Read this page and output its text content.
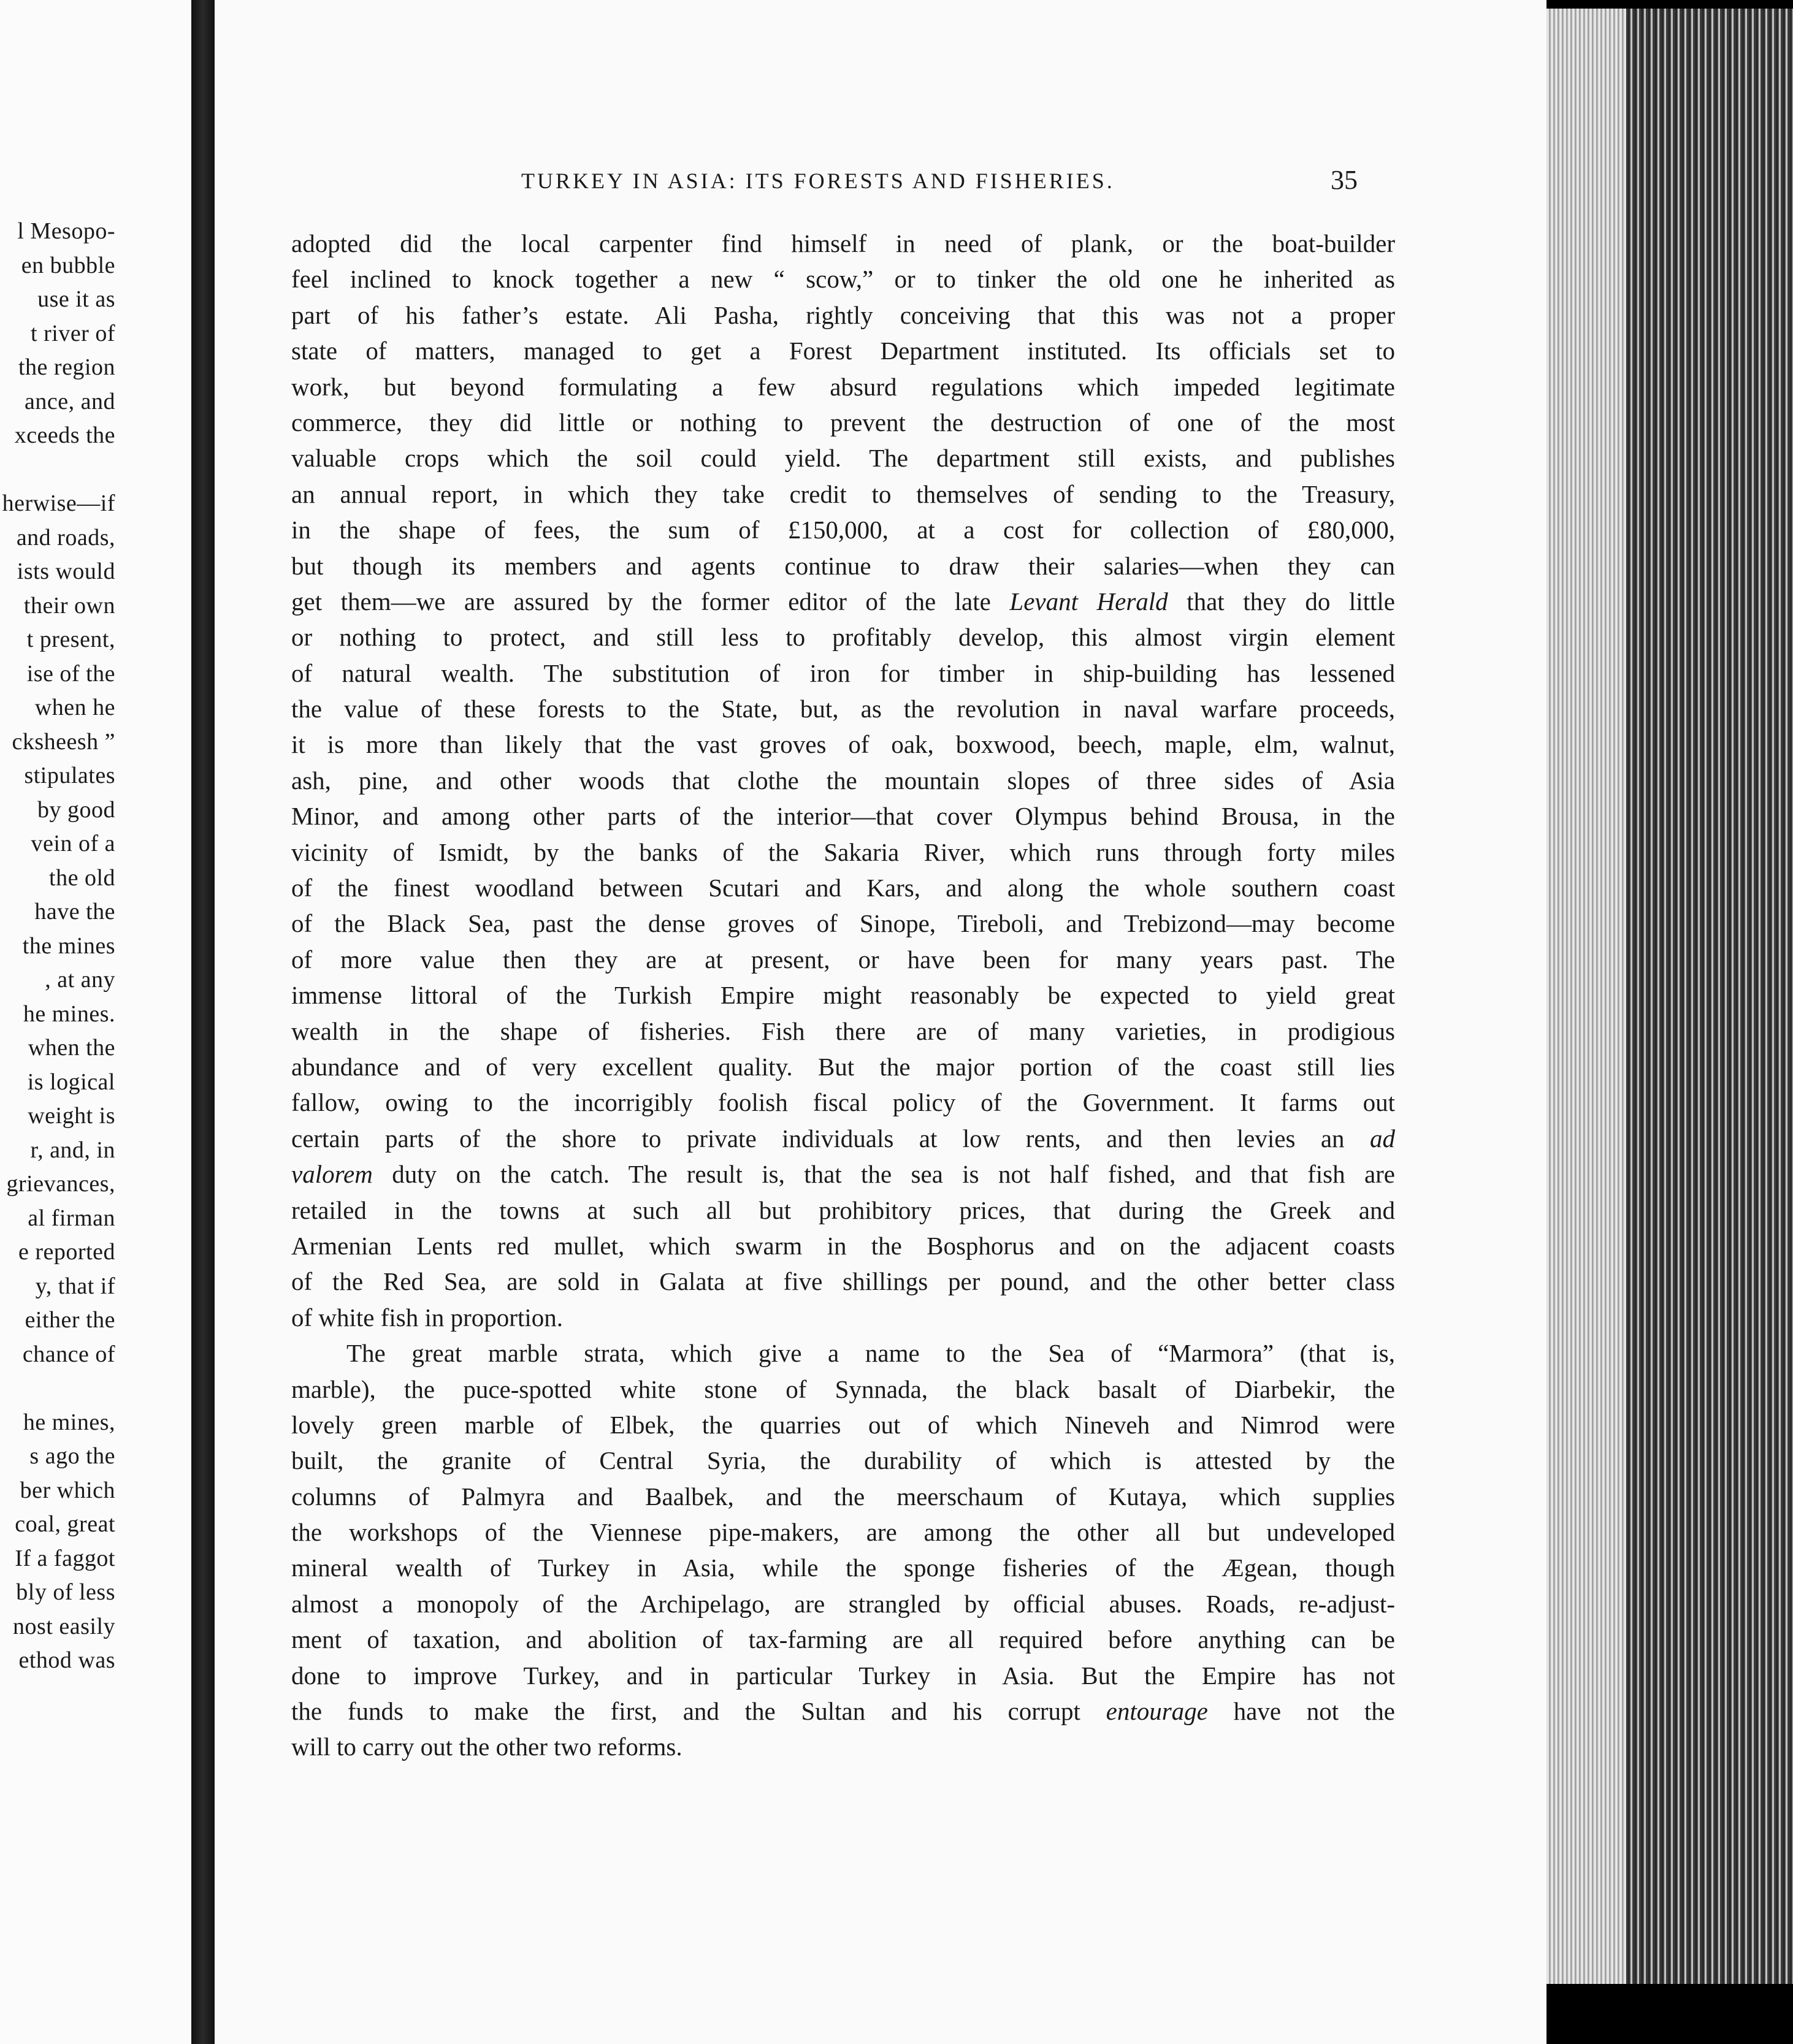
l Mesopo-
en bubble
use it as
t river of
the region
ance, and
xceeds the
herwise—if
and roads,
ists would
their own
t present,
ise of the
when he
cksheesh ”
stipulates
by good
vein of a
the old
have the
the mines
, at any
he mines.
when the
is logical
weight is
r, and, in
grievances,
al firman
e reported
y, that if
either the
chance of
he mines,
s ago the
ber which
coal, great
If a faggot
bly of less
nost easily
ethod was
TURKEY IN ASIA: ITS FORESTS AND FISHERIES.	35
adopted did the local carpenter find himself in need of plank, or the boat-builder
feel inclined to knock together a new “ scow,” or to tinker the old one he inherited as
part of his father’s estate. Ali Pasha, rightly conceiving that this was not a proper
state of matters, managed to get a Forest Department instituted. Its officials set to
work, but beyond formulating a few absurd regulations which impeded legitimate
commerce, they did little or nothing to prevent the destruction of one of the most
valuable crops which the soil could yield. The department still exists, and publishes
an annual report, in which they take credit to themselves of sending to the Treasury,
in the shape of fees, the sum of £150,000, at a cost for collection of £80,000,
but though its members and agents continue to draw their salaries—when they can
get them—we are assured by the former editor of the late Levant Herald that they do little
or nothing to protect, and still less to profitably develop, this almost virgin element
of natural wealth. The substitution of iron for timber in ship-building has lessened
the value of these forests to the State, but, as the revolution in naval warfare proceeds,
it is more than likely that the vast groves of oak, boxwood, beech, maple, elm, walnut,
ash, pine, and other woods that clothe the mountain slopes of three sides of Asia
Minor, and among other parts of the interior—that cover Olympus behind Brousa, in the
vicinity of Ismidt, by the banks of the Sakaria River, which runs through forty miles
of the finest woodland between Scutari and Kars, and along the whole southern coast
of the Black Sea, past the dense groves of Sinope, Tireboli, and Trebizond—may become
of more value then they are at present, or have been for many years past. The
immense littoral of the Turkish Empire might reasonably be expected to yield great
wealth in the shape of fisheries. Fish there are of many varieties, in prodigious
abundance and of very excellent quality. But the major portion of the coast still lies
fallow, owing to the incorrigibly foolish fiscal policy of the Government. It farms out
certain parts of the shore to private individuals at low rents, and then levies an ad
valorem duty on the catch. The result is, that the sea is not half fished, and that fish are
retailed in the towns at such all but prohibitory prices, that during the Greek and
Armenian Lents red mullet, which swarm in the Bosphorus and on the adjacent coasts
of the Red Sea, are sold in Galata at five shillings per pound, and the other better class
of white fish in proportion.
The great marble strata, which give a name to the Sea of “Marmora” (that is,
marble), the puce-spotted white stone of Synnada, the black basalt of Diarbekir, the
lovely green marble of Elbek, the quarries out of which Nineveh and Nimrod were
built, the granite of Central Syria, the durability of which is attested by the
columns of Palmyra and Baalbek, and the meerschaum of Kutaya, which supplies
the workshops of the Viennese pipe-makers, are among the other all but undeveloped
mineral wealth of Turkey in Asia, while the sponge fisheries of the Ægean, though
almost a monopoly of the Archipelago, are strangled by official abuses. Roads, re-adjust-
ment of taxation, and abolition of tax-farming are all required before anything can be
done to improve Turkey, and in particular Turkey in Asia. But the Empire has not
the funds to make the first, and the Sultan and his corrupt entourage have not the
will to carry out the other two reforms.
